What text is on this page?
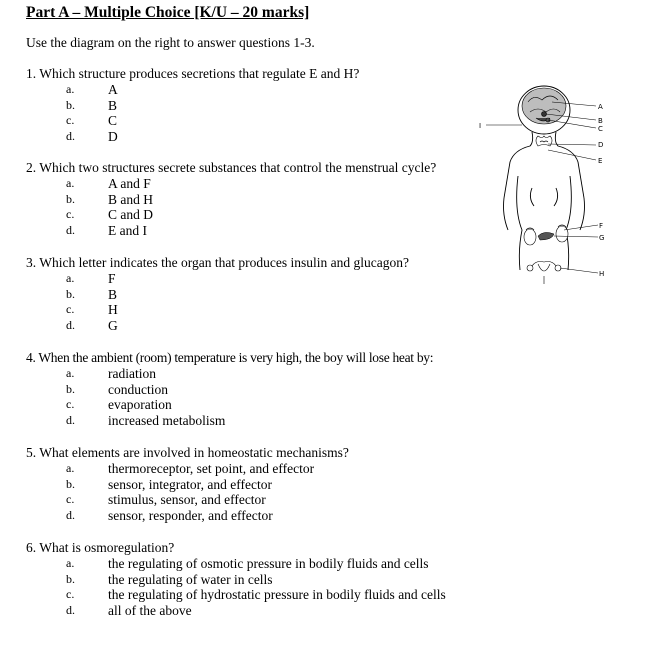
Part A – Multiple Choice [K/U – 20 marks]
Use the diagram on the right to answer questions 1-3.
1. Which structure produces secretions that regulate E and H?
a. A
b. B
c. C
d. D
2. Which two structures secrete substances that control the menstrual cycle?
a. A and F
b. B and H
c. C and D
d. E and I
3. Which letter indicates the organ that produces insulin and glucagon?
a. F
b. B
c. H
d. G
4. When the ambient (room) temperature is very high, the boy will lose heat by:
a. radiation
b. conduction
c. evaporation
d. increased metabolism
5. What elements are involved in homeostatic mechanisms?
a. thermoreceptor, set point, and effector
b. sensor, integrator, and effector
c. stimulus, sensor, and effector
d. sensor, responder, and effector
6. What is osmoregulation?
a. the regulating of osmotic pressure in bodily fluids and cells
b. the regulating of water in cells
c. the regulating of hydrostatic pressure in bodily fluids and cells
d. all of the above
A
B
C
D
E
F
G
H
I
